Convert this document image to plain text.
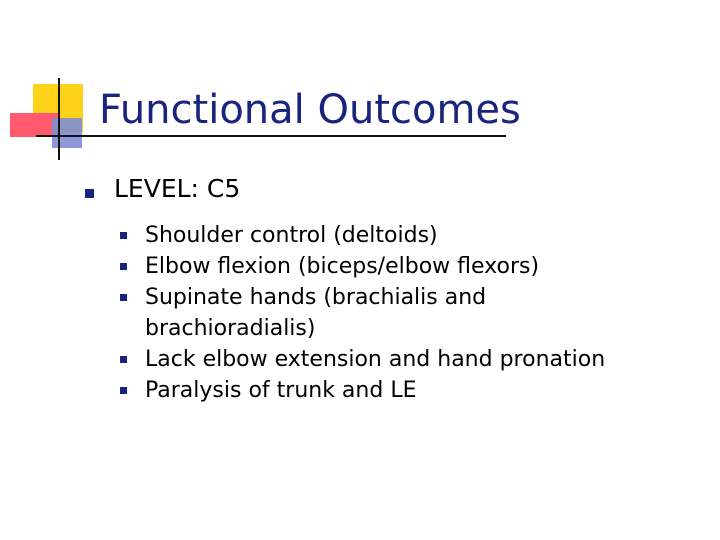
Functional Outcomes
LEVEL: C5
Shoulder control (deltoids)
Elbow flexion (biceps/elbow flexors)
Supinate hands (brachialis and brachioradialis)
Lack elbow extension and hand pronation
Paralysis of trunk and LE
